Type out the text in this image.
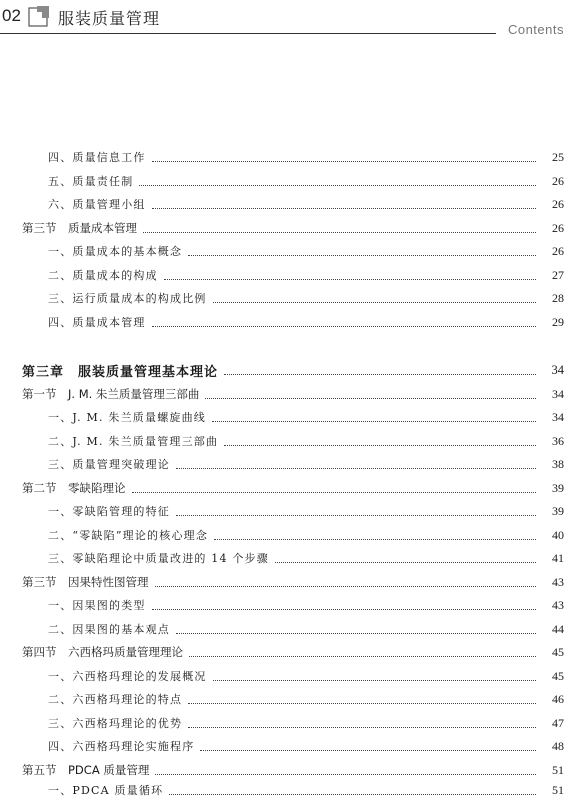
02 服装质量管理
Contents
四、质量信息工作	25
五、质量责任制	26
六、质量管理小组	26
第三节　质量成本管理	26
一、质量成本的基本概念	26
二、质量成本的构成	27
三、运行质量成本的构成比例	28
四、质量成本管理	29
第三章　服装质量管理基本理论	34
第一节　J. M. 朱兰质量管理三部曲	34
一、J. M. 朱兰质量螺旋曲线	34
二、J. M. 朱兰质量管理三部曲	36
三、质量管理突破理论	38
第二节　零缺陷理论	39
一、零缺陷管理的特征	39
二、“零缺陷”理论的核心理念	40
三、零缺陷理论中质量改进的 14 个步骤	41
第三节　因果特性图管理	43
一、因果图的类型	43
二、因果图的基本观点	44
第四节　六西格玛质量管理理论	45
一、六西格玛理论的发展概况	45
二、六西格玛理论的特点	46
三、六西格玛理论的优势	47
四、六西格玛理论实施程序	48
第五节　PDCA 质量管理	51
一、PDCA 质量循环	51
